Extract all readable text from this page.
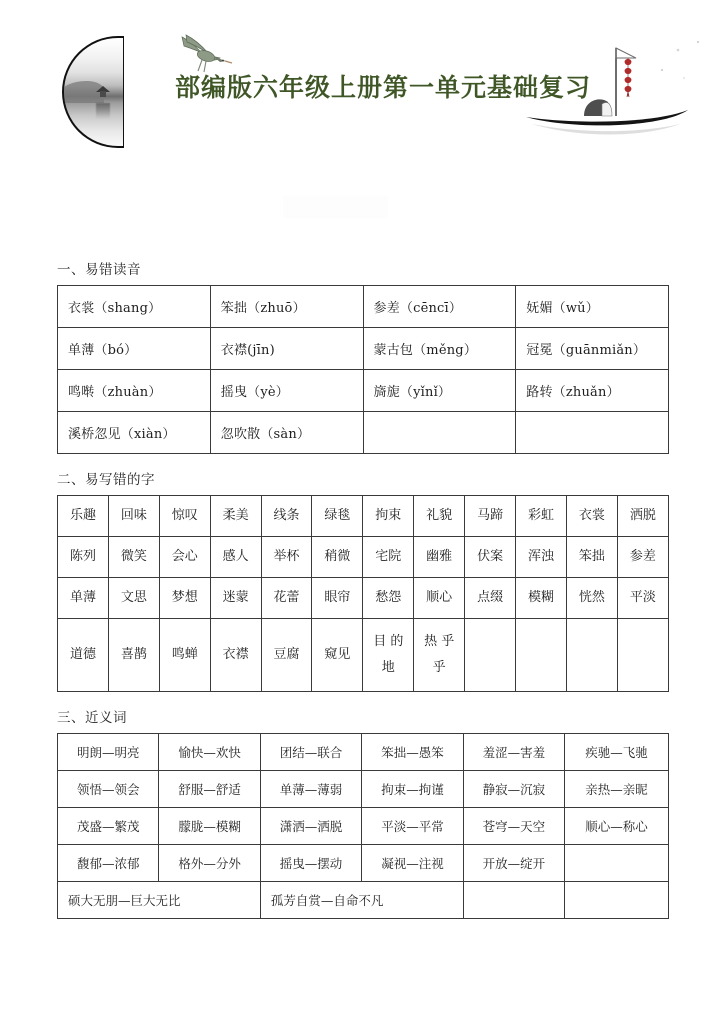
部编版六年级上册第一单元基础复习
一、易错读音
衣裳（shang）	笨拙（zhuō）	参差（cēncī）	妩媚（wǔ）
单薄（bó）	衣襟(jīn)	蒙古包（měng）	冠冕（guānmiǎn）
鸣啭（zhuàn）	摇曳（yè）	旖旎（yǐnǐ）	路转（zhuǎn）
溪桥忽见（xiàn）	忽吹散（sàn）		
二、易写错的字
乐趣	回味	惊叹	柔美	线条	绿毯	拘束	礼貌	马蹄	彩虹	衣裳	洒脱
陈列	微笑	会心	感人	举杯	稍微	宅院	幽雅	伏案	浑浊	笨拙	参差
单薄	文思	梦想	迷蒙	花蕾	眼帘	愁怨	顺心	点缀	模糊	恍然	平淡
道德	喜鹊	鸣蝉	衣襟	豆腐	窥见	目 的 地	热 乎 乎				
三、近义词
明朗—明亮	愉快—欢快	团结—联合	笨拙—愚笨	羞涩—害羞	疾驰—飞驰
领悟—领会	舒服—舒适	单薄—薄弱	拘束—拘谨	静寂—沉寂	亲热—亲昵
茂盛—繁茂	朦胧—模糊	潇洒—洒脱	平淡—平常	苍穹—天空	顺心—称心
馥郁—浓郁	格外—分外	摇曳—摆动	凝视—注视	开放—绽开	
硕大无朋—巨大无比		孤芳自赏—自命不凡			
